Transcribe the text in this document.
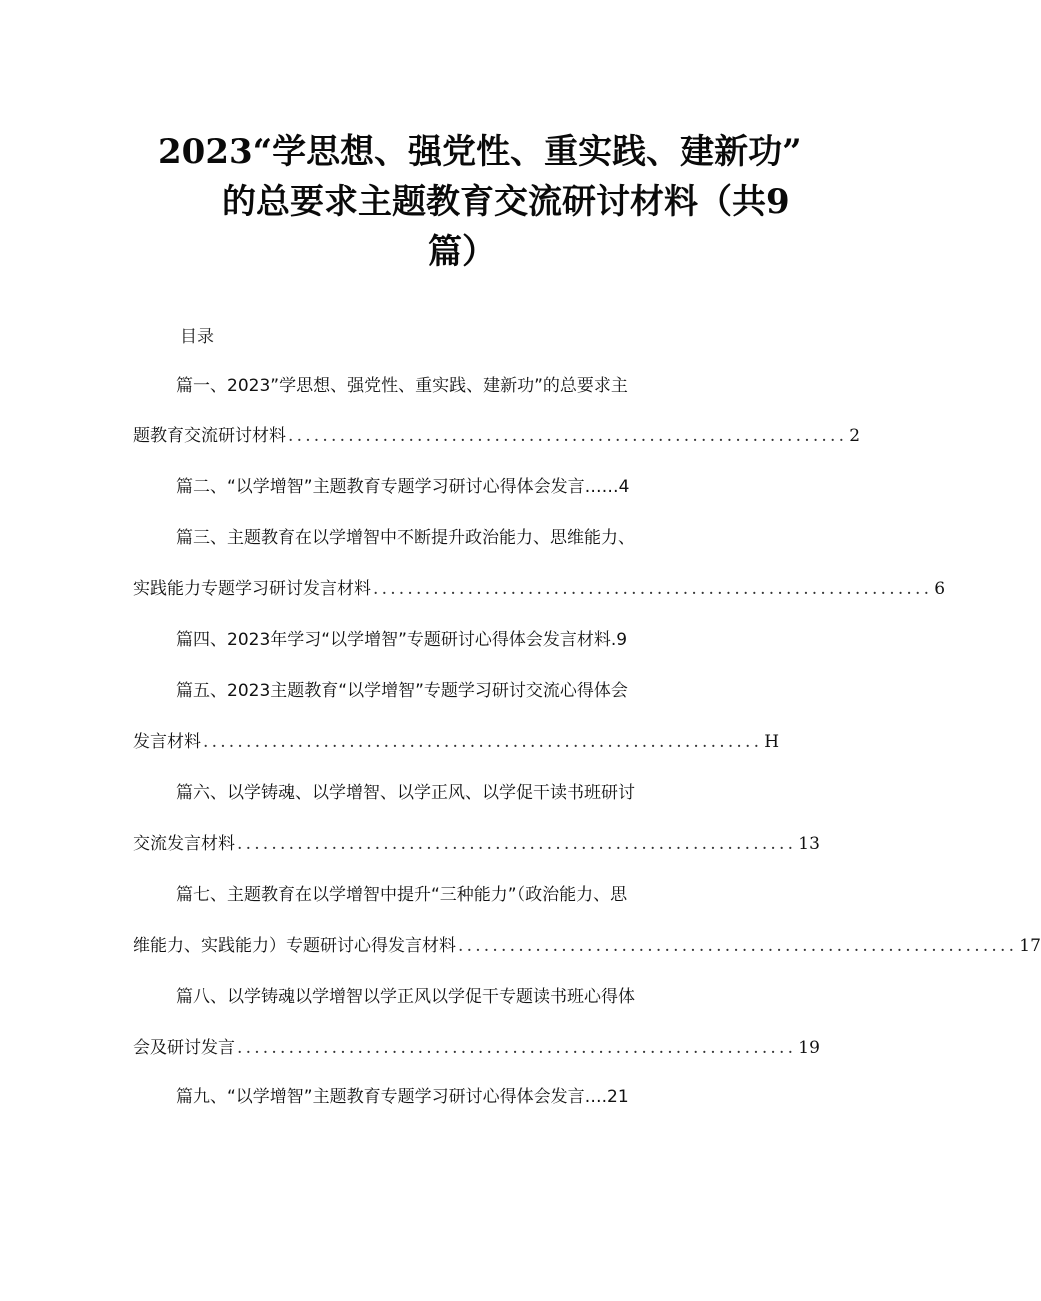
2023“学思想、强党性、重实践、建新功”
的总要求主题教育交流研讨材料（共9
篇）
目录
篇一、2023”学思想、强党性、重实践、建新功”的总要求主
题教育交流研讨材料 ................................................................. 2
篇二、“以学增智”主题教育专题学习研讨心得体会发言……4
篇三、主题教育在以学增智中不断提升政治能力、思维能力、
实践能力专题学习研讨发言材料 ................................................................. 6
篇四、2023年学习“以学增智”专题研讨心得体会发言材料.9
篇五、2023主题教育“以学增智”专题学习研讨交流心得体会
发言材料 ................................................................. H
篇六、以学铸魂、以学增智、以学正风、以学促干读书班研讨
交流发言材料 ................................................................. 13
篇七、主题教育在以学增智中提升“三种能力”（政治能力、思
维能力、实践能力）专题研讨心得发言材料 ................................................................. 17
篇八、以学铸魂以学增智以学正风以学促干专题读书班心得体
会及研讨发言 ................................................................. 19
篇九、“以学增智”主题教育专题学习研讨心得体会发言….21
